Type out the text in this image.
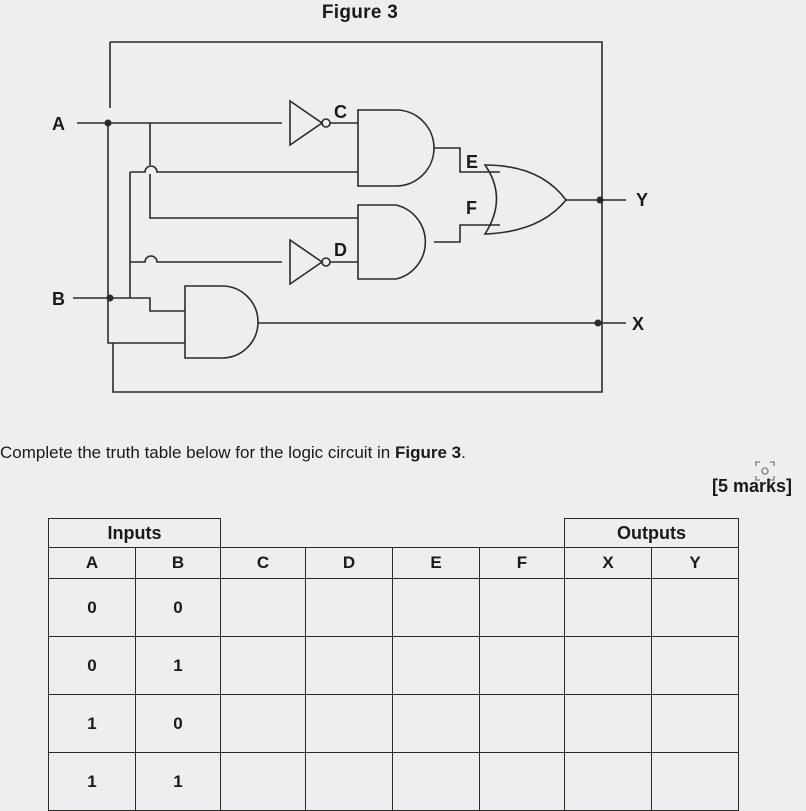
Figure 3
A
B
C
D
E
F	Y
X
Complete the truth table below for the logic circuit in Figure 3.
[5 marks]
Inputs						Outputs	
A	B	C	D	E	F	X	Y
0	0						
0	1						
1	0						
1	1						
